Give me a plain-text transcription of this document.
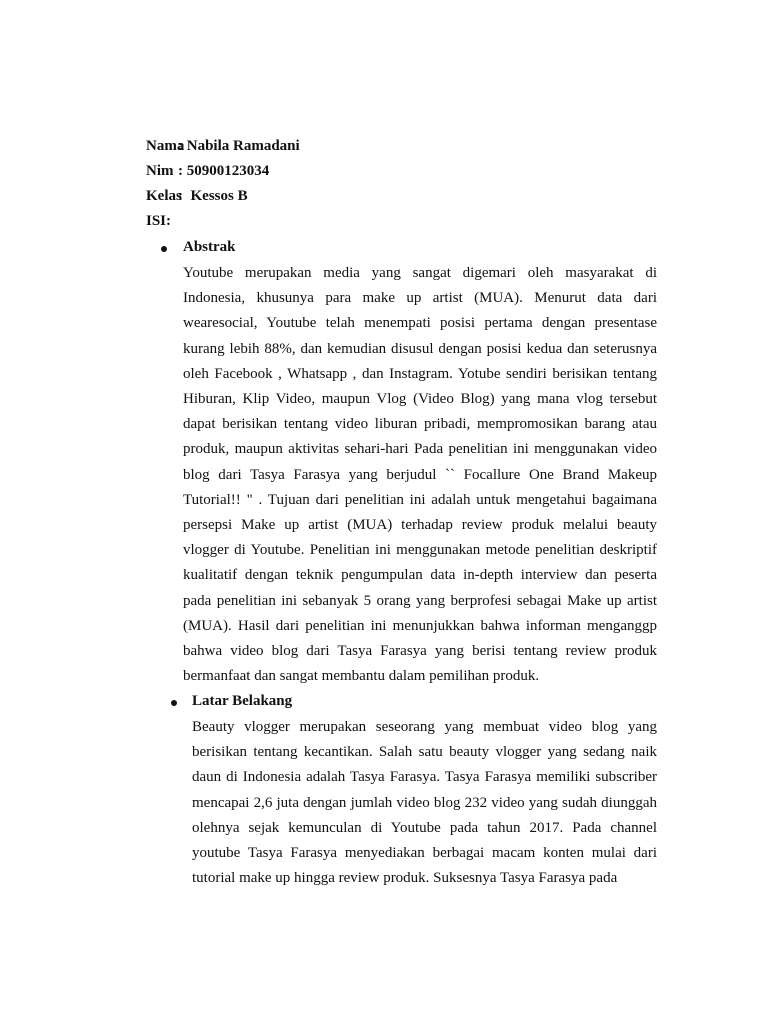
Nama: Nabila Ramadani
Nim : 50900123034
Kelas:  Kessos B
ISI:
Abstrak
Youtube merupakan media yang sangat digemari oleh masyarakat di Indonesia, khusunya para make up artist (MUA). Menurut data dari wearesocial, Youtube telah menempati posisi pertama dengan presentase kurang lebih 88%, dan kemudian disusul dengan posisi kedua dan seterusnya oleh Facebook , Whatsapp , dan Instagram. Yotube sendiri berisikan tentang Hiburan, Klip Video, maupun Vlog (Video Blog) yang mana vlog tersebut dapat berisikan tentang video liburan pribadi, mempromosikan barang atau produk, maupun aktivitas sehari-hari Pada penelitian ini menggunakan video blog dari Tasya Farasya yang berjudul `` Focallure One Brand Makeup Tutorial!! " . Tujuan dari penelitian ini adalah untuk mengetahui bagaimana persepsi Make up artist (MUA) terhadap review produk melalui beauty vlogger di Youtube. Penelitian ini menggunakan metode penelitian deskriptif kualitatif dengan teknik pengumpulan data in-depth interview dan peserta pada penelitian ini sebanyak 5 orang yang berprofesi sebagai Make up artist (MUA). Hasil dari penelitian ini menunjukkan bahwa informan menganggp bahwa video blog dari Tasya Farasya yang berisi tentang review produk bermanfaat dan sangat membantu dalam pemilihan produk.
Latar Belakang
Beauty vlogger merupakan seseorang yang membuat video blog yang berisikan tentang kecantikan. Salah satu beauty vlogger yang sedang naik daun di Indonesia adalah Tasya Farasya. Tasya Farasya memiliki subscriber mencapai 2,6 juta dengan jumlah video blog 232 video yang sudah diunggah olehnya sejak kemunculan di Youtube pada tahun 2017. Pada channel youtube Tasya Farasya menyediakan berbagai macam konten mulai dari tutorial make up hingga review produk. Suksesnya Tasya Farasya pada
